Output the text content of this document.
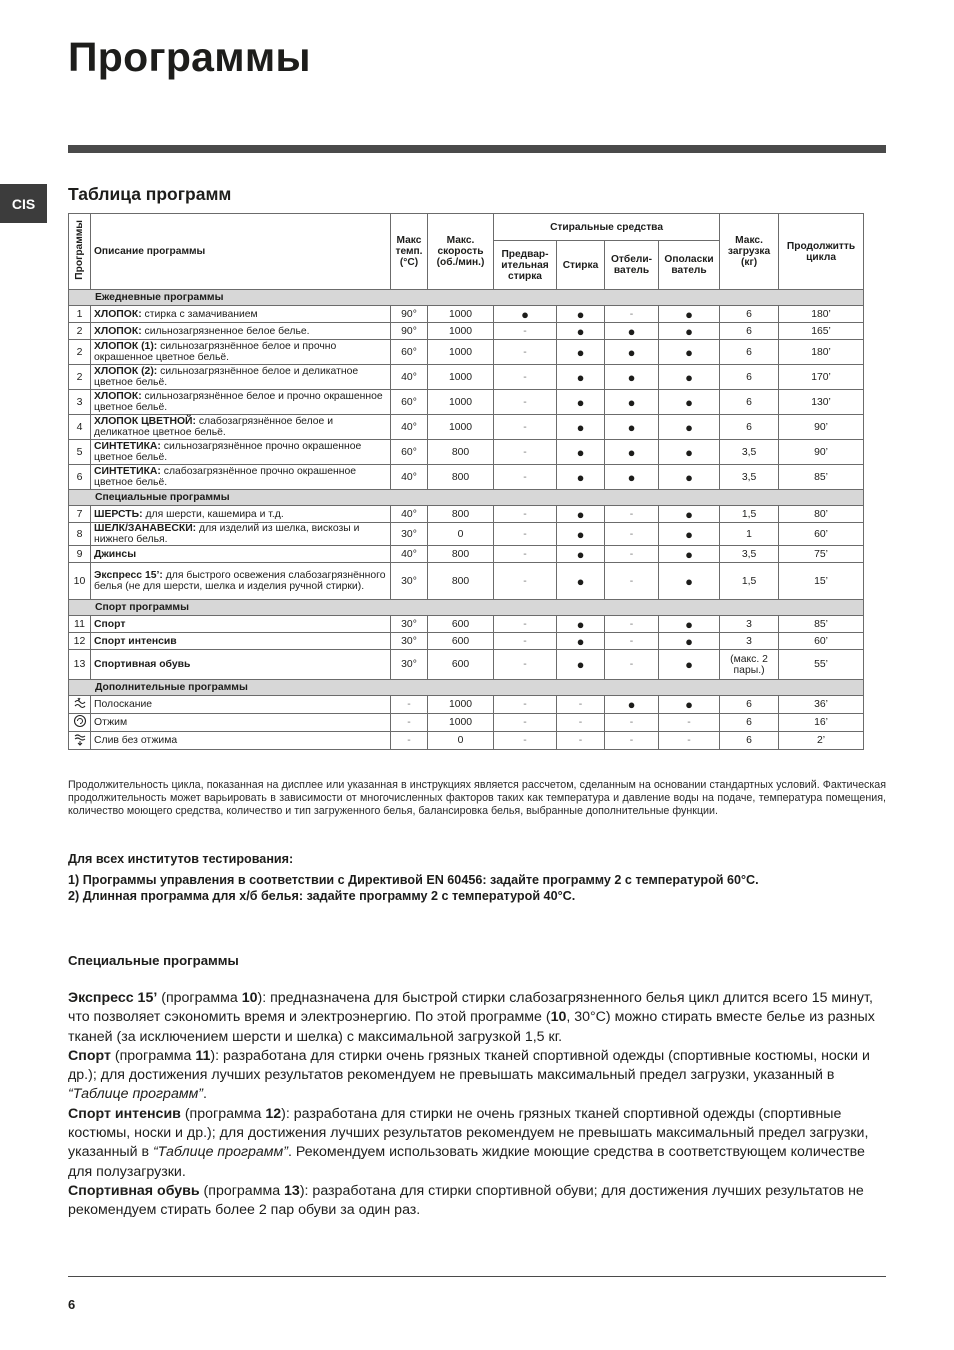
Программы
CIS	Таблица программ
Программы	Описание программы	Макс темп. (°C)	Макс. скорость (об./мин.)	Стиральные средства				Макс. загрузка (кг)	Продолжитть цикла
				Предвар-ительная стирка	Стирка	Отбели-ватель	Ополаски ватель		
Ежедневные программы									
1	ХЛОПОК: стирка с замачиванием	90°	1000	●	●	-	●	6	180’
2	ХЛОПОК: сильнозагрязненное белое белье.	90°	1000	-	●	●	●	6	165’
2	ХЛОПОК (1): сильнозагрязнённое белое и прочно окрашенное цветное бельё.	60°	1000	-	●	●	●	6	180’
2	ХЛОПОК (2): сильнозагрязнённое белое и деликатное цветное бельё.	40°	1000	-	●	●	●	6	170’
3	ХЛОПОК: сильнозагрязнённое белое и прочно окрашенное цветное бельё.	60°	1000	-	●	●	●	6	130’
4	ХЛОПОК ЦВЕТНОЙ: слабозагрязнённое белое и деликатное цветное бельё.	40°	1000	-	●	●	●	6	90’
5	СИНТЕТИКА: сильнозагрязнённое прочно окрашенное цветное бельё.	60°	800	-	●	●	●	3,5	90’
6	СИНТЕТИКА: слабозагрязнённое прочно окрашенное цветное бельё.	40°	800	-	●	●	●	3,5	85’
Специальные программы									
7	ШЕРСТЬ: для шерсти, кашемира и т.д.	40°	800	-	●	-	●	1,5	80’
8	ШЕЛК/ЗАНАВЕСКИ: для изделий из шелка, вискозы и нижнего белья.	30°	0	-	●	-	●	1	60’
9	Джинсы	40°	800	-	●	-	●	3,5	75’
10	Экспресс 15’: для быстрого освежения слабозагрязнённого белья (не для шерсти, шелка и изделия ручной стирки).	30°	800	-	●	-	●	1,5	15’
Спорт программы									
11	Спорт	30°	600	-	●	-	●	3	85’
12	Спорт интенсив	30°	600	-	●	-	●	3	60’
13	Спортивная обувь	30°	600	-	●	-	●	(макс. 2 пары.)	55’
Дополнительные программы									
	Полоскание	-	1000	-	-	●	●	6	36’
	Отжим	-	1000	-	-	-	-	6	16’
	Слив без отжима	-	0	-	-	-	-	6	2’
Продолжительность цикла, показанная на дисплее или указанная в инструкциях является рассчетом, сделанным на основании стандартных условий. Фактическая продолжительность может варьировать в зависимости от многочисленных факторов таких как температура и давление воды на подаче, температура помещения, количество моющего средства, количество и тип загруженного белья, балансировка белья, выбранные дополнительные функции.
Для всех институтов тестирования:
1) Программы управления в соответствии с Директивой EN 60456: задайте программу 2 с температурой 60°C.
2) Длинная программа для х/б белья: задайте программу 2 с температурой 40°C.
Специальные программы

Экспресс 15’ (программа 10): предназначена для быстрой стирки слабозагрязненного белья цикл длится всего 15 минут, что позволяет сэкономить время и электроэнергию. По этой программе (10, 30°C) можно стирать вместе белье из разных тканей (за исключением шерсти и шелка) с максимальной загрузкой 1,5 кг.

Спорт (программа 11): разработана для стирки очень грязных тканей спортивной одежды (спортивные костюмы, носки и др.); для достижения лучших результатов рекомендуем не превышать максимальный предел загрузки, указанный в “Таблице программ”.

Спорт интенсив (программа 12): разработана для стирки не очень грязных тканей спортивной одежды (спортивные костюмы, носки и др.); для достижения лучших результатов рекомендуем не превышать максимальный предел загрузки, указанный в “Таблице программ”. Рекомендуем использовать жидкие моющие средства в соответствующем количестве для полузагрузки.

Спортивная обувь (программа 13): разработана для стирки спортивной обуви; для достижения лучших результатов не рекомендуем стирать более 2 пар обуви за один раз.

6
